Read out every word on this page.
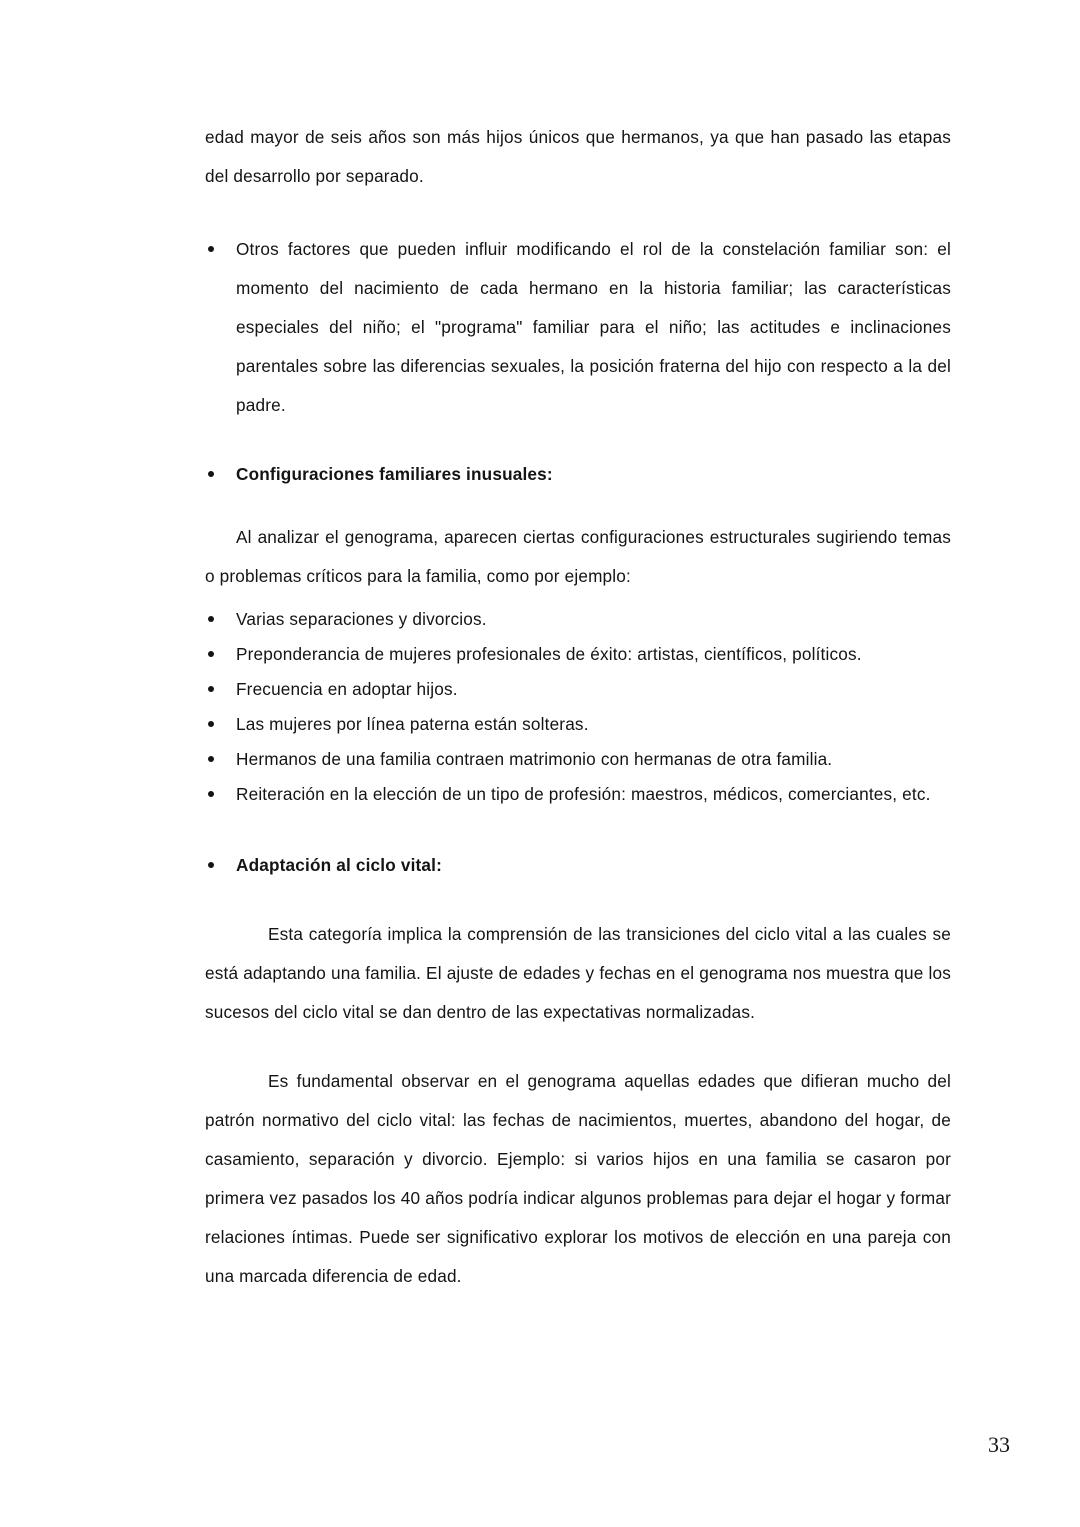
edad mayor de seis años son más hijos únicos que hermanos, ya que han pasado las etapas del desarrollo por separado.

Otros factores que pueden influir modificando el rol de la constelación familiar son: el momento del nacimiento de cada hermano en la historia familiar; las características especiales del niño; el "programa" familiar para el niño; las actitudes e inclinaciones parentales sobre las diferencias sexuales, la posición fraterna del hijo con respecto a la del padre.

Configuraciones familiares inusuales:

Al analizar el genograma, aparecen ciertas configuraciones estructurales sugiriendo temas o problemas críticos para la familia, como por ejemplo:

Varias separaciones y divorcios.

Preponderancia de mujeres profesionales de éxito: artistas, científicos, políticos.

Frecuencia en adoptar hijos.

Las mujeres por línea paterna están solteras.

Hermanos de una familia contraen matrimonio con hermanas de otra familia.

Reiteración en la elección de un tipo de profesión: maestros, médicos, comerciantes, etc.

Adaptación al ciclo vital:

Esta categoría implica la comprensión de las transiciones del ciclo vital a las cuales se está adaptando una familia. El ajuste de edades y fechas en el genograma nos muestra que los sucesos del ciclo vital se dan dentro de las expectativas normalizadas.

Es fundamental observar en el genograma aquellas edades que difieran mucho del patrón normativo del ciclo vital: las fechas de nacimientos, muertes, abandono del hogar, de casamiento, separación y divorcio. Ejemplo: si varios hijos en una familia se casaron por primera vez pasados los 40 años podría indicar algunos problemas para dejar el hogar y formar relaciones íntimas. Puede ser significativo explorar los motivos de elección en una pareja con una marcada diferencia de edad.

33
